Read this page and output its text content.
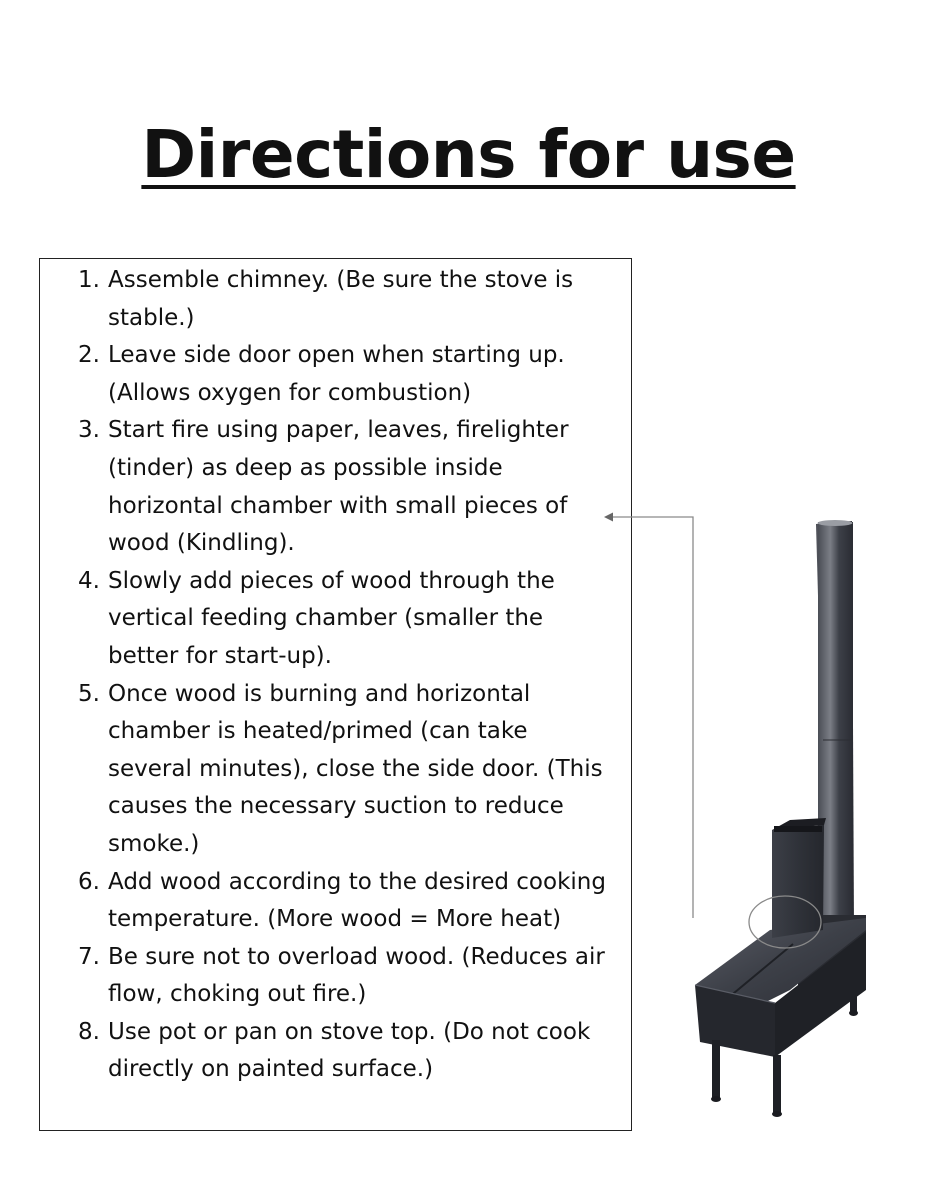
Directions for use
1. Assemble chimney. (Be sure the stove is stable.)
2. Leave side door open when starting up. (Allows oxygen for combustion)
3. Start fire using paper, leaves, firelighter (tinder) as deep as possible inside horizontal chamber with small pieces of wood (Kindling).
4. Slowly add pieces of wood through the vertical feeding chamber (smaller the better for start-up).
5. Once wood is burning and horizontal chamber is heated/primed (can take several minutes), close the side door. (This causes the necessary suction to reduce smoke.)
6. Add wood according to the desired cooking temperature. (More wood = More heat)
7. Be sure not to overload wood. (Reduces air flow, choking out fire.)
8. Use pot or pan on stove top. (Do not cook directly on painted surface.)
